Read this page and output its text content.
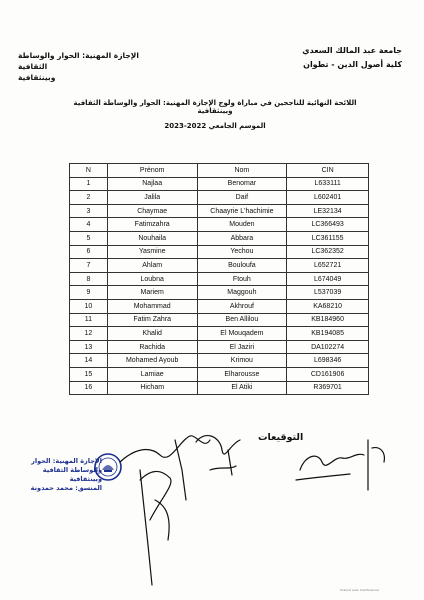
جامعة عبد المالك السعدي
كلية أصول الدين - تطوان
الإجازة المهنية: الحوار والوساطة الثقافية
وبينثقافية
اللائحة النهائية للناجحين في مباراة ولوج الإجازة المهنية: الحوار والوساطة الثقافية وبينثقافية
الموسم الجامعي 2022-2023
N	Prénom	Nom	CIN
1	Najlaa	Benomar	L633111
2	Jalila	Daif	L602401
3	Chaymae	Chaayrie L'hachimie	LE32134
4	Fatimzahra	Mouden	LC366493
5	Nouhaila	Abbara	LC361155
6	Yasmine	Yechou	LC362352
7	Ahlam	Bouloufa	L652721
8	Loubna	Ftouh	L674049
9	Mariem	Maggouh	L537039
10	Mohammad	Akhrouf	KA68210
11	Fatim Zahra	Ben Allilou	KB184960
12	Khalid	El Mouqadem	KB194085
13	Rachida	El Jaziri	DA102274
14	Mohamed Ayoub	Krimou	L698346
15	Lamiae	Elharousse	CD161906
16	Hicham	El Atiki	R369701
التوقيعات
الإجازة المهنية: الحوار
والوساطة الثقافية وبينثقافية
المنسق: محمد حمدونة
Scanné avec CamScanner
